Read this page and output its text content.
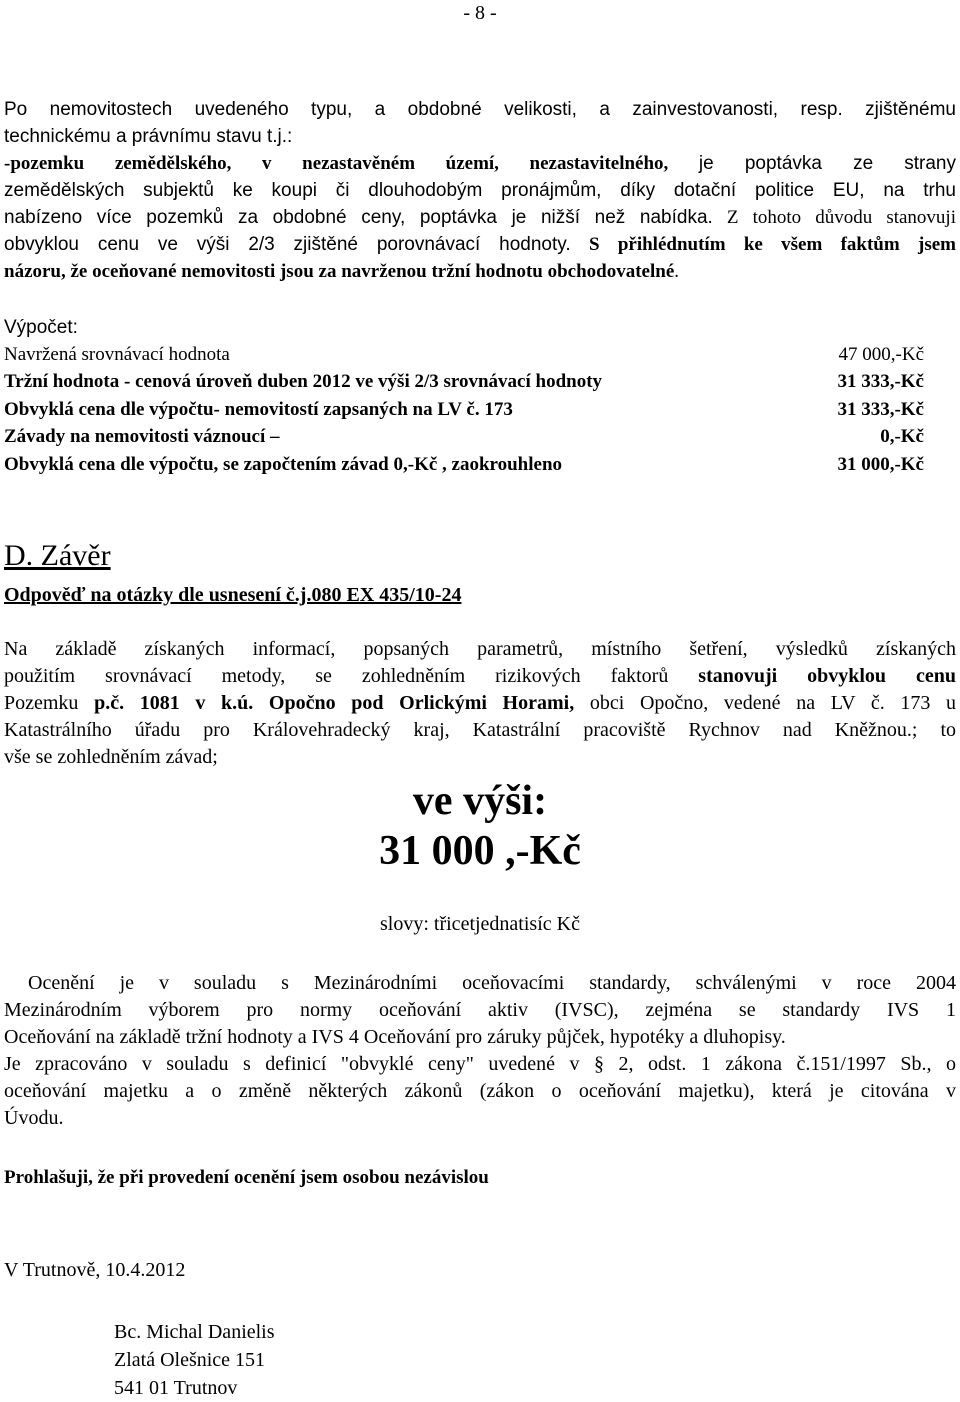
- 8 -
Po nemovitostech uvedeného typu, a obdobné velikosti, a zainvestovanosti, resp. zjištěnému
technickému a právnímu stavu t.j.:
-pozemku zemědělského, v nezastavěném území, nezastavitelného, je poptávka ze strany
zemědělských subjektů ke koupi či dlouhodobým pronájmům, díky dotační politice EU, na trhu
nabízeno více pozemků za obdobné ceny, poptávka je nižší než nabídka. Z tohoto důvodu stanovuji
obvyklou cenu ve výši 2/3 zjištěné porovnávací hodnoty. S přihlédnutím ke všem faktům jsem
názoru, že oceňované nemovitosti jsou za navrženou tržní hodnotu obchodovatelné.
Výpočet:
Navržená srovnávací hodnota	47 000,-Kč
Tržní hodnota - cenová úroveň duben 2012 ve výši 2/3 srovnávací hodnoty	31 333,-Kč
Obvyklá cena dle výpočtu- nemovitostí zapsaných na LV č. 173	31 333,-Kč
Závady na nemovitosti váznoucí –	0,-Kč
Obvyklá cena dle výpočtu, se započtením závad 0,-Kč , zaokrouhleno	31 000,-Kč
D. Závěr
Odpověď na otázky dle usnesení č.j.080 EX 435/10-24
Na základě získaných informací, popsaných parametrů, místního šetření, výsledků získaných
použitím srovnávací metody, se zohledněním rizikových faktorů stanovuji obvyklou cenu
Pozemku p.č. 1081 v k.ú. Opočno pod Orlickými Horami, obci Opočno, vedené na LV č. 173 u
Katastrálního úřadu pro Královehradecký kraj, Katastrální pracoviště Rychnov nad Kněžnou.; to
vše se zohledněním závad;
ve výši:
31 000 ,-Kč
slovy: třicetjednatisíc Kč
Ocenění je v souladu s Mezinárodními oceňovacími standardy, schválenými v roce 2004
Mezinárodním výborem pro normy oceňování aktiv (IVSC), zejména se standardy IVS 1
Oceňování na základě tržní hodnoty a IVS 4 Oceňování pro záruky půjček, hypotéky a dluhopisy.
Je zpracováno v souladu s definicí "obvyklé ceny" uvedené v § 2, odst. 1 zákona č.151/1997 Sb., o
oceňování majetku a o změně některých zákonů (zákon o oceňování majetku), která je citována v
Úvodu.
Prohlašuji, že při provedení ocenění jsem osobou nezávislou
V Trutnově, 10.4.2012
Bc. Michal Danielis
Zlatá Olešnice 151
541 01 Trutnov
